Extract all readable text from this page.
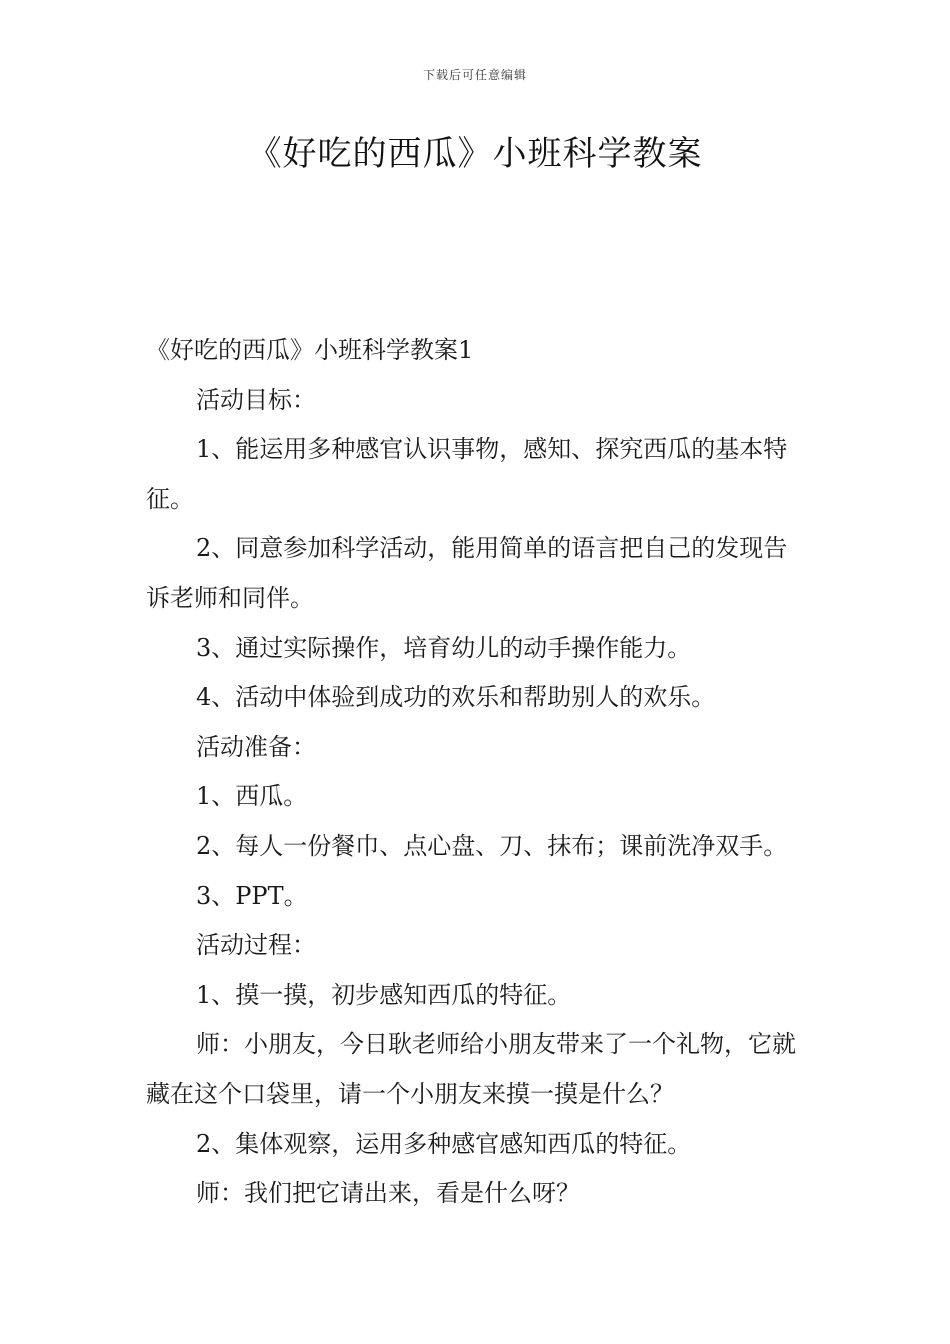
下载后可任意编辑
《好吃的西瓜》小班科学教案

《好吃的西瓜》小班科学教案1

活动目标：

1、能运用多种感官认识事物，感知、探究西瓜的基本特征。

2、同意参加科学活动，能用简单的语言把自己的发现告诉老师和同伴。

3、通过实际操作，培育幼儿的动手操作能力。

4、活动中体验到成功的欢乐和帮助别人的欢乐。

活动准备：

1、西瓜。

2、每人一份餐巾、点心盘、刀、抹布；课前洗净双手。

3、PPT。

活动过程：

1、摸一摸，初步感知西瓜的特征。

师：小朋友，今日耿老师给小朋友带来了一个礼物，它就藏在这个口袋里，请一个小朋友来摸一摸是什么？

2、集体观察，运用多种感官感知西瓜的特征。

师：我们把它请出来，看是什么呀？
